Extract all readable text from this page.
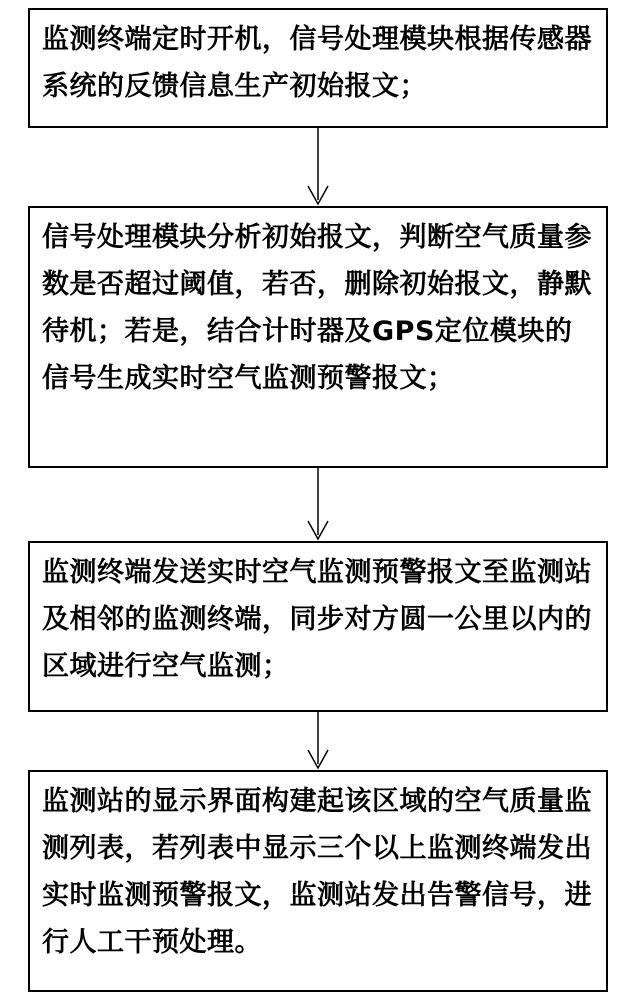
监测终端定时开机，信号处理模块根据传感器系统的反馈信息生产初始报文；
信号处理模块分析初始报文，判断空气质量参数是否超过阈值，若否，删除初始报文，静默待机；若是，结合计时器及GPS定位模块的信号生成实时空气监测预警报文；
监测终端发送实时空气监测预警报文至监测站及相邻的监测终端，同步对方圆一公里以内的区域进行空气监测；
监测站的显示界面构建起该区域的空气质量监测列表，若列表中显示三个以上监测终端发出实时监测预警报文，监测站发出告警信号，进行人工干预处理。
